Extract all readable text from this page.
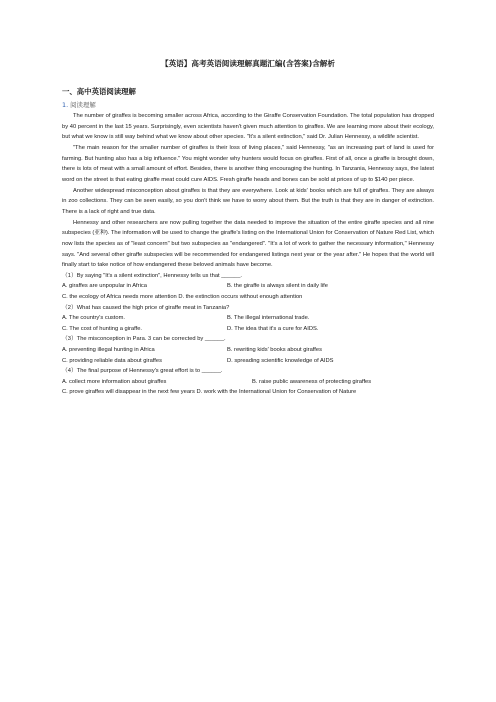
【英语】高考英语阅读理解真题汇编(含答案)含解析
一、高中英语阅读理解
1. 阅读理解

The number of giraffes is becoming smaller across Africa, according to the Giraffe Conservation Foundation. The total population has dropped by 40 percent in the last 15 years. Surprisingly, even scientists haven't given much attention to giraffes. We are learning more about their ecology, but what we know is still way behind what we know about other species. "It's a silent extinction," said Dr. Julian Hennessy, a wildlife scientist.

"The main reason for the smaller number of giraffes is their loss of living places," said Hennessy, "as an increasing part of land is used for farming. But hunting also has a big influence." You might wonder why hunters would focus on giraffes. First of all, once a giraffe is brought down, there is lots of meat with a small amount of effort. Besides, there is another thing encouraging the hunting. In Tanzania, Hennessy says, the latest word on the street is that eating giraffe meat could cure AIDS. Fresh giraffe heads and bones can be sold at prices of up to $140 per piece.

Another widespread misconception about giraffes is that they are everywhere. Look at kids' books which are full of giraffes. They are always in zoo collections. They can be seen easily, so you don't think we have to worry about them. But the truth is that they are in danger of extinction. There is a lack of right and true data.

Hennessy and other researchers are now pulling together the data needed to improve the situation of the entire giraffe species and all nine subspecies (亚种). The information will be used to change the giraffe's listing on the International Union for Conservation of Nature Red List, which now lists the species as of "least concern" but two subspecies as "endangered". "It's a lot of work to gather the necessary information," Hennessy says. "And several other giraffe subspecies will be recommended for endangered listings next year or the year after." He hopes that the world will finally start to take notice of how endangered these beloved animals have become.

（1）By saying "It's a silent extinction", Hennessy tells us that ______.
A. giraffes are unpopular in Africa	B. the giraffe is always silent in daily life
C. the ecology of Africa needs more attention D. the extinction occurs without enough attention
（2）What has caused the high price of giraffe meat in Tanzania?
A. The country's custom.	B. The illegal international trade.
C. The cost of hunting a giraffe.	D. The idea that it's a cure for AIDS.
（3）The misconception in Para. 3 can be corrected by ______.
A. preventing illegal hunting in Africa	B. rewriting kids' books about giraffes
C. providing reliable data about giraffes	D. spreading scientific knowledge of AIDS
（4）The final purpose of Hennessy's great effort is to ______.
A. collect more information about giraffes	B. raise public awareness of protecting giraffes
C. prove giraffes will disappear in the next few years D. work with the International Union for Conservation of Nature
